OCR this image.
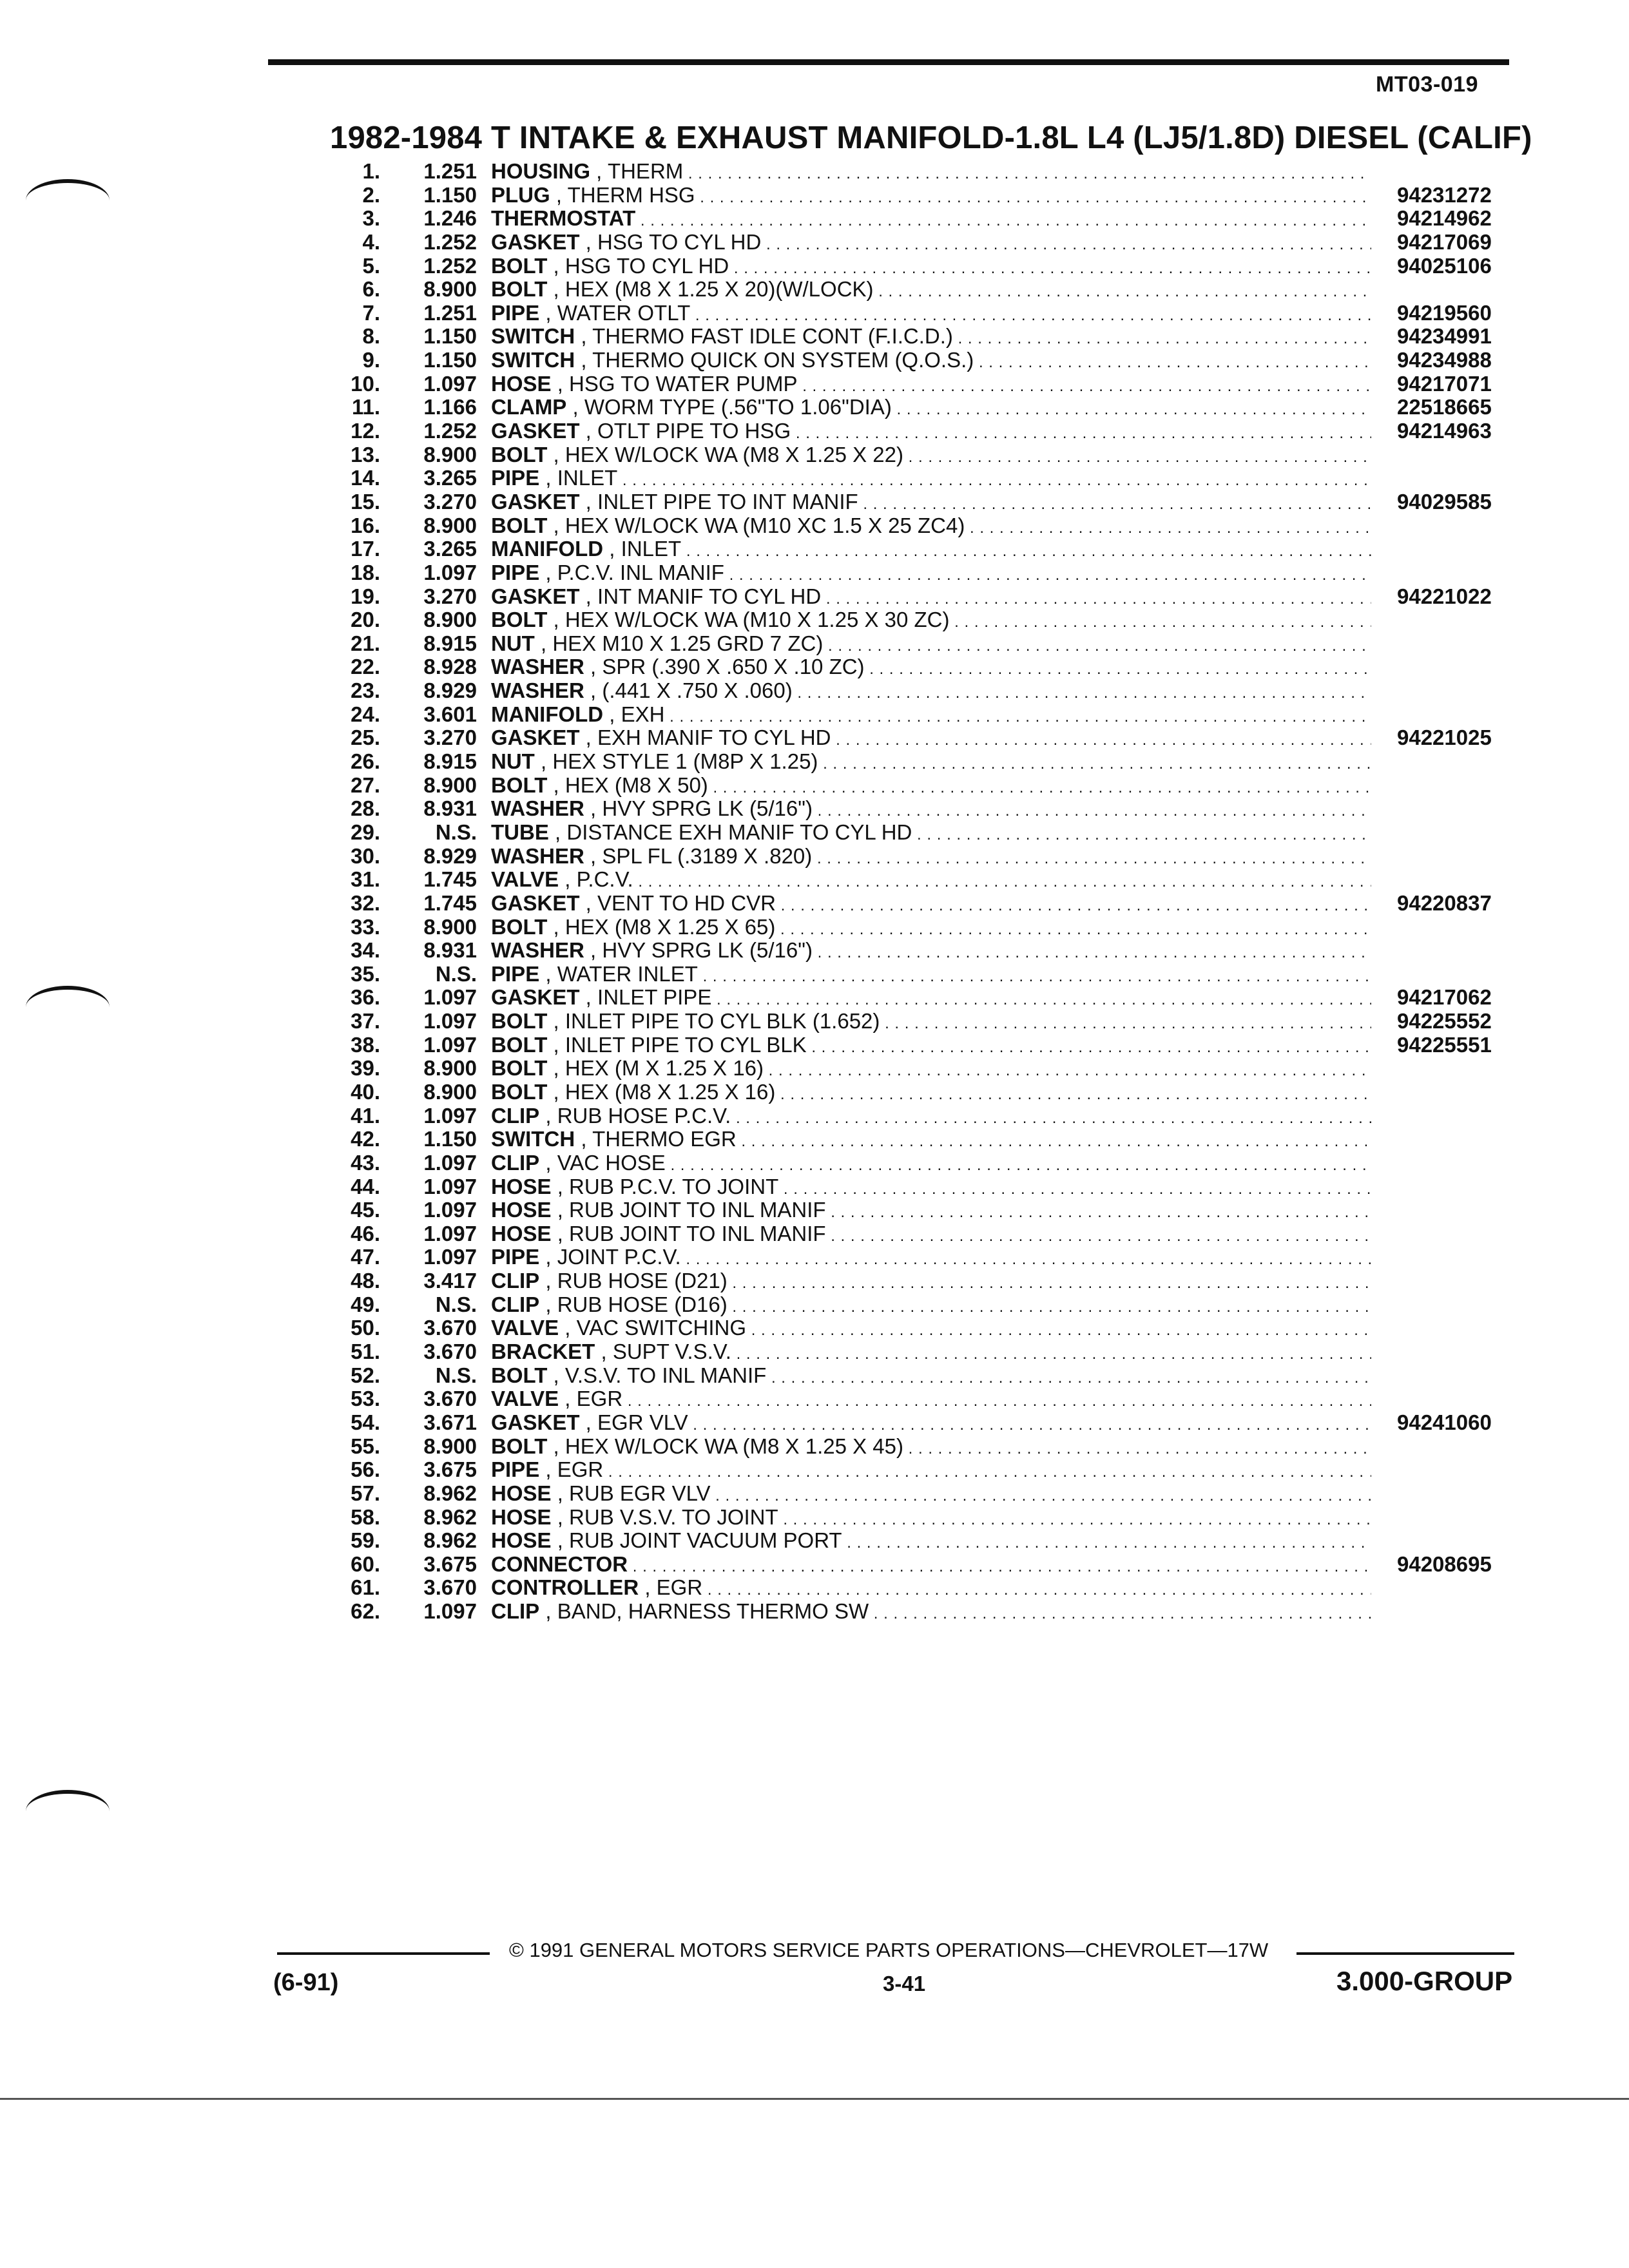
MT03-019
1982-1984 T INTAKE & EXHAUST MANIFOLD-1.8L L4 (LJ5/1.8D) DIESEL (CALIF)
1.	1.251 HOUSING , THERM . . .
2.	1.150 PLUG , THERM HSG . . .	94231272
3.	1.246 THERMOSTAT . . .	94214962
4.	1.252 GASKET , HSG TO CYL HD . . .	94217069
5.	1.252 BOLT , HSG TO CYL HD . . .	94025106
6.	8.900 BOLT , HEX (M8 X 1.25 X 20)(W/LOCK) . . .
7.	1.251 PIPE , WATER OTLT . . .	94219560
8.	1.150 SWITCH , THERMO FAST IDLE CONT (F.I.C.D.) . . .	94234991
9.	1.150 SWITCH , THERMO QUICK ON SYSTEM (Q.O.S.) . . .	94234988
10.	1.097 HOSE , HSG TO WATER PUMP . . .	94217071
11.	1.166 CLAMP , WORM TYPE (.56"TO 1.06"DIA) . . .	22518665
12.	1.252 GASKET , OTLT PIPE TO HSG . . .	94214963
13.	8.900 BOLT , HEX W/LOCK WA (M8 X 1.25 X 22) . . .
14.	3.265 PIPE , INLET . . .
15.	3.270 GASKET , INLET PIPE TO INT MANIF . . .	94029585
16.	8.900 BOLT , HEX W/LOCK WA (M10 XC 1.5 X 25 ZC4) . . .
17.	3.265 MANIFOLD , INLET . . .
18.	1.097 PIPE , P.C.V. INL MANIF . . .
19.	3.270 GASKET , INT MANIF TO CYL HD . . .	94221022
20.	8.900 BOLT , HEX W/LOCK WA (M10 X 1.25 X 30 ZC) . . .
21.	8.915 NUT , HEX M10 X 1.25 GRD 7 ZC) . . .
22.	8.928 WASHER , SPR (.390 X .650 X .10 ZC) . . .
23.	8.929 WASHER , (.441 X .750 X .060) . . .
24.	3.601 MANIFOLD , EXH . . .
25.	3.270 GASKET , EXH MANIF TO CYL HD . . .	94221025
26.	8.915 NUT , HEX STYLE 1 (M8P X 1.25) . . .
27.	8.900 BOLT , HEX (M8 X 50) . . .
28.	8.931 WASHER , HVY SPRG LK (5/16") . . .
29.	N.S. TUBE , DISTANCE EXH MANIF TO CYL HD . . .
30.	8.929 WASHER , SPL FL (.3189 X .820) . . .
31.	1.745 VALVE , P.C.V. . . .
32.	1.745 GASKET , VENT TO HD CVR . . .	94220837
33.	8.900 BOLT , HEX (M8 X 1.25 X 65) . . .
34.	8.931 WASHER , HVY SPRG LK (5/16") . . .
35.	N.S. PIPE , WATER INLET . . .
36.	1.097 GASKET , INLET PIPE . . .	94217062
37.	1.097 BOLT , INLET PIPE TO CYL BLK (1.652) . . .	94225552
38.	1.097 BOLT , INLET PIPE TO CYL BLK . . .	94225551
39.	8.900 BOLT , HEX (M X 1.25 X 16) . . .
40.	8.900 BOLT , HEX (M8 X 1.25 X 16) . . .
41.	1.097 CLIP , RUB HOSE P.C.V. . . .
42.	1.150 SWITCH , THERMO EGR . . .
43.	1.097 CLIP , VAC HOSE . . .
44.	1.097 HOSE , RUB P.C.V. TO JOINT . . .
45.	1.097 HOSE , RUB JOINT TO INL MANIF . . .
46.	1.097 HOSE , RUB JOINT TO INL MANIF . . .
47.	1.097 PIPE , JOINT P.C.V. . . .
48.	3.417 CLIP , RUB HOSE (D21) . . .
49.	N.S. CLIP , RUB HOSE (D16) . . .
50.	3.670 VALVE , VAC SWITCHING . . .
51.	3.670 BRACKET , SUPT V.S.V. . . .
52.	N.S. BOLT , V.S.V. TO INL MANIF . . .
53.	3.670 VALVE , EGR . . .
54.	3.671 GASKET , EGR VLV . . .	94241060
55.	8.900 BOLT , HEX W/LOCK WA (M8 X 1.25 X 45) . . .
56.	3.675 PIPE , EGR . . .
57.	8.962 HOSE , RUB EGR VLV . . .
58.	8.962 HOSE , RUB V.S.V. TO JOINT . . .
59.	8.962 HOSE , RUB JOINT VACUUM PORT . . .
60.	3.675 CONNECTOR . . .	94208695
61.	3.670 CONTROLLER , EGR . . .
62.	1.097 CLIP , BAND, HARNESS THERMO SW . . .
© 1991 GENERAL MOTORS SERVICE PARTS OPERATIONS—CHEVROLET—17W
(6-91)	3-41	3.000-GROUP
